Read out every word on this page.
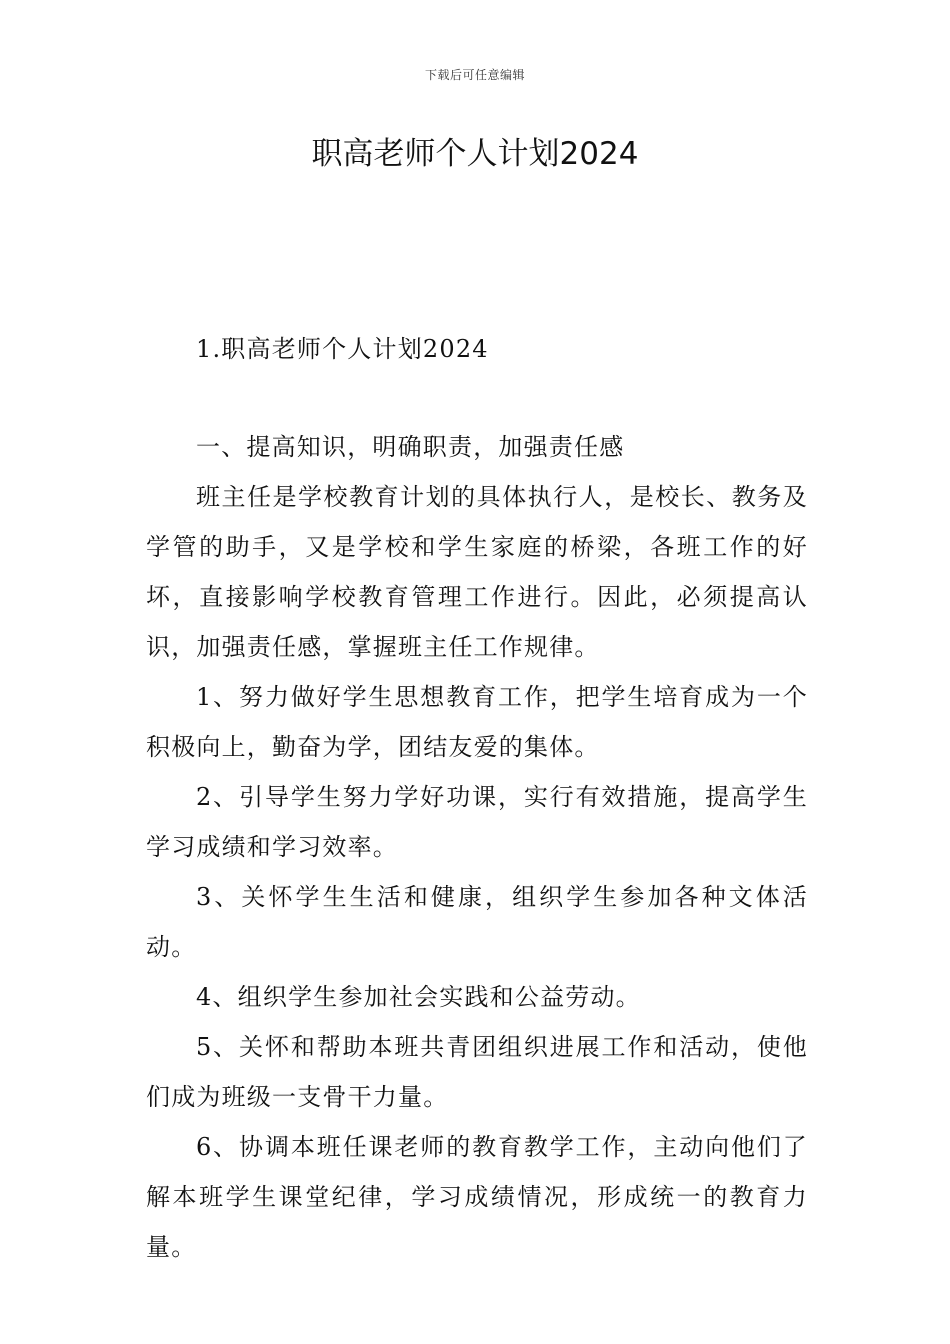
下载后可任意编辑
职高老师个人计划2024
1.职高老师个人计划2024
一、提高知识，明确职责，加强责任感

班主任是学校教育计划的具体执行人，是校长、教务及学管的助手，又是学校和学生家庭的桥梁，各班工作的好坏，直接影响学校教育管理工作进行。因此，必须提高认识，加强责任感，掌握班主任工作规律。

1、努力做好学生思想教育工作，把学生培育成为一个积极向上，勤奋为学，团结友爱的集体。

2、引导学生努力学好功课，实行有效措施，提高学生学习成绩和学习效率。

3、关怀学生生活和健康，组织学生参加各种文体活动。

4、组织学生参加社会实践和公益劳动。

5、关怀和帮助本班共青团组织进展工作和活动，使他们成为班级一支骨干力量。

6、协调本班任课老师的教育教学工作，主动向他们了解本班学生课堂纪律，学习成绩情况，形成统一的教育力量。
